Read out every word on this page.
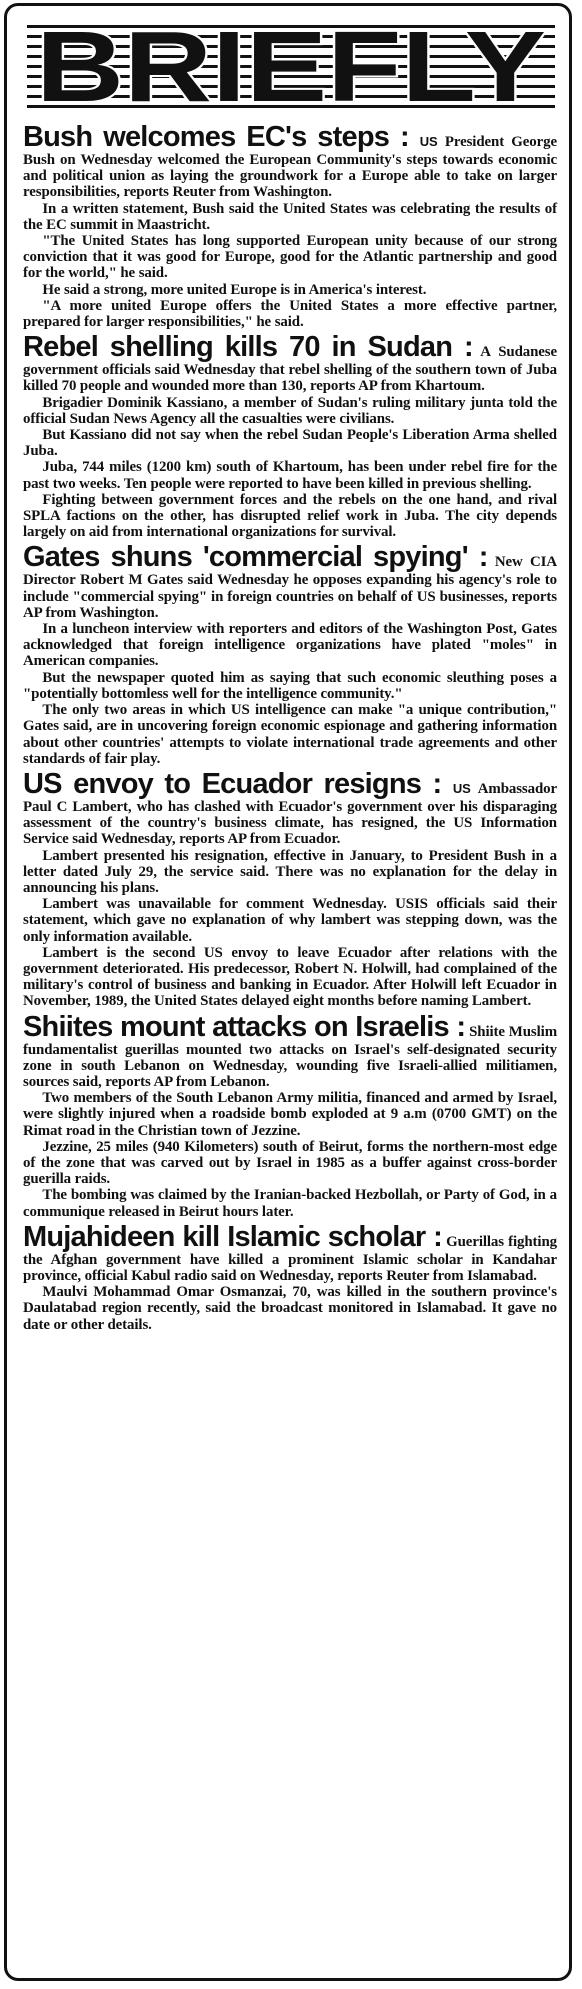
BRIEFLY

Bush welcomes EC's steps : US President George Bush on Wednesday welcomed the European Community's steps towards economic and political union as laying the groundwork for a Europe able to take on larger responsibilities, reports Reuter from Washington.

In a written statement, Bush said the United States was celebrating the results of the EC summit in Maastricht.

"The United States has long supported European unity because of our strong conviction that it was good for Europe, good for the Atlantic partnership and good for the world," he said.

He said a strong, more united Europe is in America's interest.

"A more united Europe offers the United States a more effective partner, prepared for larger responsibilities," he said.

Rebel shelling kills 70 in Sudan : A Sudanese government officials said Wednesday that rebel shelling of the southern town of Juba killed 70 people and wounded more than 130, reports AP from Khartoum.

Brigadier Dominik Kassiano, a member of Sudan's ruling military junta told the official Sudan News Agency all the casualties were civilians.

But Kassiano did not say when the rebel Sudan People's Liberation Arma shelled Juba.

Juba, 744 miles (1200 km) south of Khartoum, has been under rebel fire for the past two weeks. Ten people were reported to have been killed in previous shelling.

Fighting between government forces and the rebels on the one hand, and rival SPLA factions on the other, has disrupted relief work in Juba. The city depends largely on aid from international organizations for survival.

Gates shuns 'commercial spying' : New CIA Director Robert M Gates said Wednesday he opposes expanding his agency's role to include "commercial spying" in foreign countries on behalf of US businesses, reports AP from Washington.

In a luncheon interview with reporters and editors of the Washington Post, Gates acknowledged that foreign intelligence organizations have plated "moles" in American companies.

But the newspaper quoted him as saying that such economic sleuthing poses a "potentially bottomless well for the intelligence community."

The only two areas in which US intelligence can make "a unique contribution," Gates said, are in uncovering foreign economic espionage and gathering information about other countries' attempts to violate international trade agreements and other standards of fair play.

US envoy to Ecuador resigns : US Ambassador Paul C Lambert, who has clashed with Ecuador's government over his disparaging assessment of the country's business climate, has resigned, the US Information Service said Wednesday, reports AP from Ecuador.

Lambert presented his resignation, effective in January, to President Bush in a letter dated July 29, the service said. There was no explanation for the delay in announcing his plans.

Lambert was unavailable for comment Wednesday. USIS officials said their statement, which gave no explanation of why lambert was stepping down, was the only information available.

Lambert is the second US envoy to leave Ecuador after relations with the government deteriorated. His predecessor, Robert N. Holwill, had complained of the military's control of business and banking in Ecuador. After Holwill left Ecuador in November, 1989, the United States delayed eight months before naming Lambert.

Shiites mount attacks on Israelis : Shiite Muslim fundamentalist guerillas mounted two attacks on Israel's self-designated security zone in south Lebanon on Wednesday, wounding five Israeli-allied militiamen, sources said, reports AP from Lebanon.

Two members of the South Lebanon Army militia, financed and armed by Israel, were slightly injured when a roadside bomb exploded at 9 a.m (0700 GMT) on the Rimat road in the Christian town of Jezzine.

Jezzine, 25 miles (940 Kilometers) south of Beirut, forms the northern-most edge of the zone that was carved out by Israel in 1985 as a buffer against cross-border guerilla raids.

The bombing was claimed by the Iranian-backed Hezbollah, or Party of God, in a communique released in Beirut hours later.

Mujahideen kill Islamic scholar : Guerillas fighting the Afghan government have killed a prominent Islamic scholar in Kandahar province, official Kabul radio said on Wednesday, reports Reuter from Islamabad.

Maulvi Mohammad Omar Osmanzai, 70, was killed in the southern province's Daulatabad region recently, said the broadcast monitored in Islamabad. It gave no date or other details.
